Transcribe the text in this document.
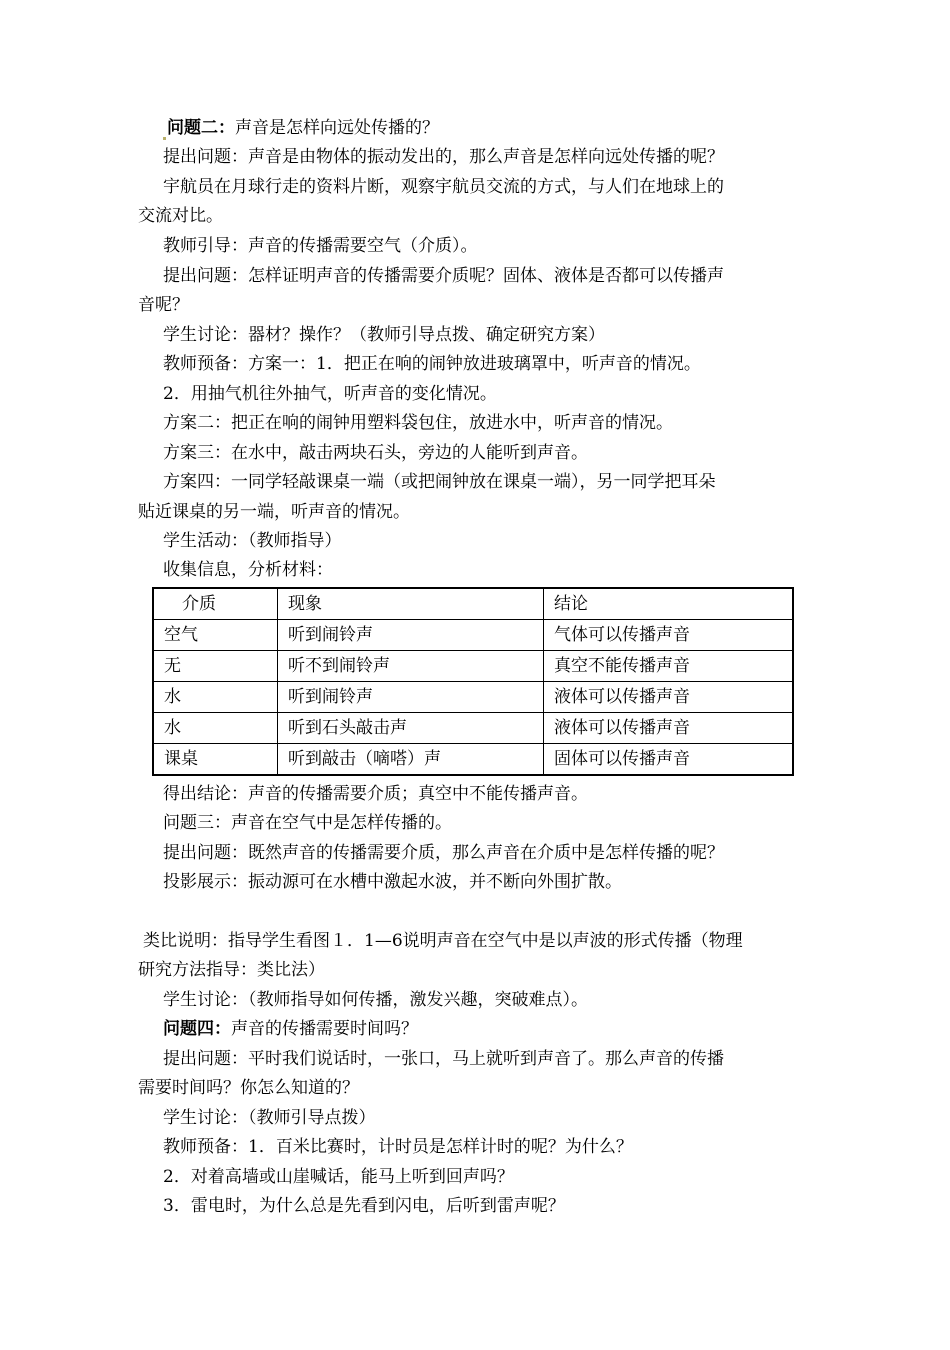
问题二：声音是怎样向远处传播的？
提出问题：声音是由物体的振动发出的，那么声音是怎样向远处传播的呢？
宇航员在月球行走的资料片断，观察宇航员交流的方式，与人们在地球上的
交流对比。
教师引导：声音的传播需要空气（介质）。
提出问题：怎样证明声音的传播需要介质呢？固体、液体是否都可以传播声
音呢？
学生讨论：器材？操作？（教师引导点拨、确定研究方案）
教师预备：方案一：1．把正在响的闹钟放进玻璃罩中，听声音的情况。
2．用抽气机往外抽气，听声音的变化情况。
方案二：把正在响的闹钟用塑料袋包住，放进水中，听声音的情况。
方案三：在水中，敲击两块石头，旁边的人能听到声音。
方案四：一同学轻敲课桌一端（或把闹钟放在课桌一端），另一同学把耳朵
贴近课桌的另一端，听声音的情况。
学生活动：（教师指导）
收集信息，分析材料：
介质	现象	结论
空气	听到闹铃声	气体可以传播声音
无	听不到闹铃声	真空不能传播声音
水	听到闹铃声	液体可以传播声音
水	听到石头敲击声	液体可以传播声音
课桌	听到敲击（嘀嗒）声	固体可以传播声音
得出结论：声音的传播需要介质；真空中不能传播声音。
问题三：声音在空气中是怎样传播的。
提出问题：既然声音的传播需要介质，那么声音在介质中是怎样传播的呢？
投影展示：振动源可在水槽中激起水波，并不断向外围扩散。
类比说明：指导学生看图１．1—6说明声音在空气中是以声波的形式传播（物理
研究方法指导：类比法）
学生讨论：（教师指导如何传播，激发兴趣，突破难点）。
问题四：声音的传播需要时间吗？
提出问题：平时我们说话时，一张口，马上就听到声音了。那么声音的传播
需要时间吗？你怎么知道的？
学生讨论：（教师引导点拨）
教师预备：1．百米比赛时，计时员是怎样计时的呢？为什么？
2．对着高墙或山崖喊话，能马上听到回声吗？
3．雷电时，为什么总是先看到闪电，后听到雷声呢？
